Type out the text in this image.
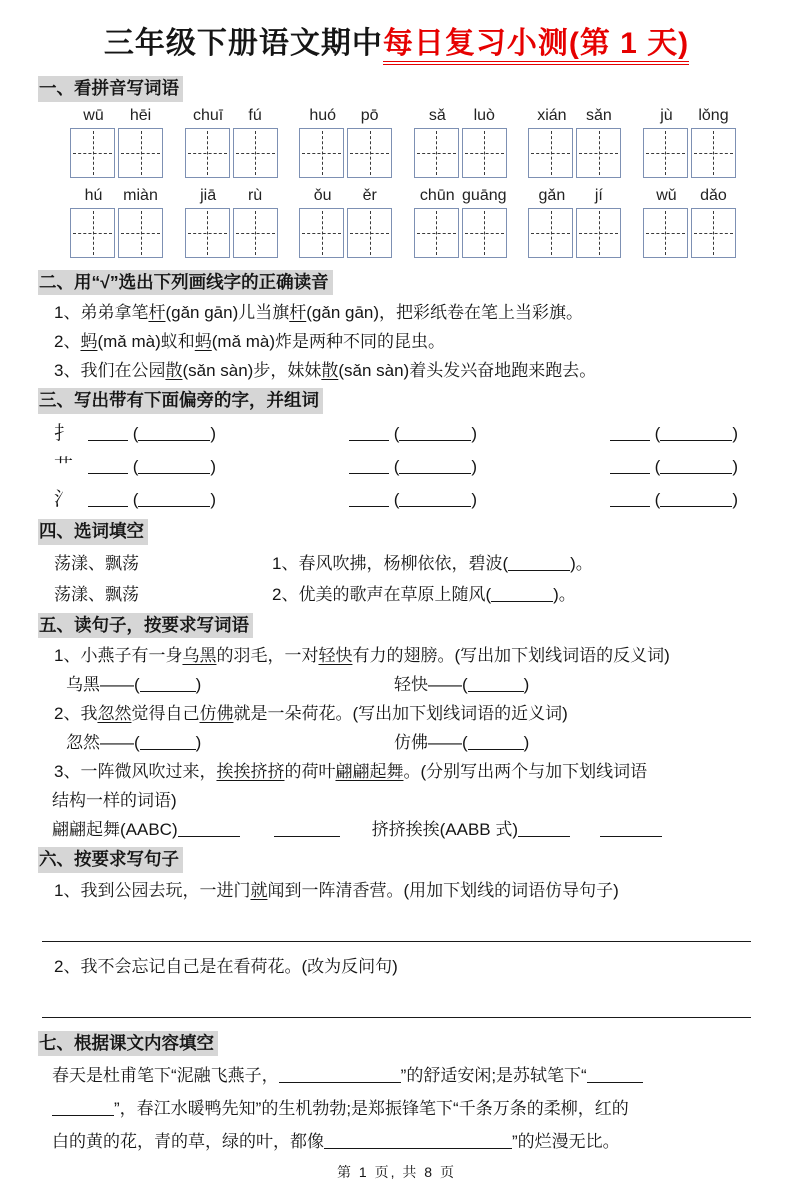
三年级下册语文期中每日复习小测(第 1 天)
一、看拼音写词语
wū	hēi	chuī	fú	huó	pō	sǎ	luò	xián	sǎn	jù	lǒng
hú	miàn	jiā	rù	ǒu	ěr	chūn guāng	gǎn	jí	wǔ	dǎo
二、用“√”选出下列画线字的正确读音
1、弟弟拿笔杆(gǎn gān)儿当旗杆(gǎn gān)，把彩纸卷在笔上当彩旗。
2、蚂(mǎ mà)蚁和蚂(mǎ mà)炸是两种不同的昆虫。
3、我们在公园散(sǎn sàn)步，妹妹散(sǎn sàn)着头发兴奋地跑来跑去。
三、写出带有下面偏旁的字，并组词
扌	(	)	(	)	(	)
艹	(	)	(	)	(	)
氵	(	)	(	)	(	)
四、选词填空
荡漾、飘荡	1、春风吹拂，杨柳依依，碧波(	)。
荡漾、飘荡	2、优美的歌声在草原上随风(	)。
五、读句子，按要求写词语
1、小燕子有一身乌黑的羽毛，一对轻快有力的翅膀。(写出加下划线词语的反义词)
乌黑——(	)	轻快——(	)
2、我忽然觉得自己仿佛就是一朵荷花。(写出加下划线词语的近义词)
忽然——(	)	仿佛——(	)
3、一阵微风吹过来，挨挨挤挤的荷叶翩翩起舞。(分别写出两个与加下划线词语
结构一样的词语)
翩翩起舞(AABC)	挤挤挨挨(AABB 式)
六、按要求写句子
1、我到公园去玩，一进门就闻到一阵清香营。(用加下划线的词语仿导句子)
2、我不会忘记自己是在看荷花。(改为反问句)
七、根据课文内容填空
春天是杜甫笔下“泥融飞燕子，	”的舒适安闲;是苏轼笔下“
”，春江水暖鸭先知”的生机勃勃;是郑振锋笔下“千条万条的柔柳，红的
白的黄的花，青的草，绿的叶，都像	”的烂漫无比。
第 1 页, 共 8 页
